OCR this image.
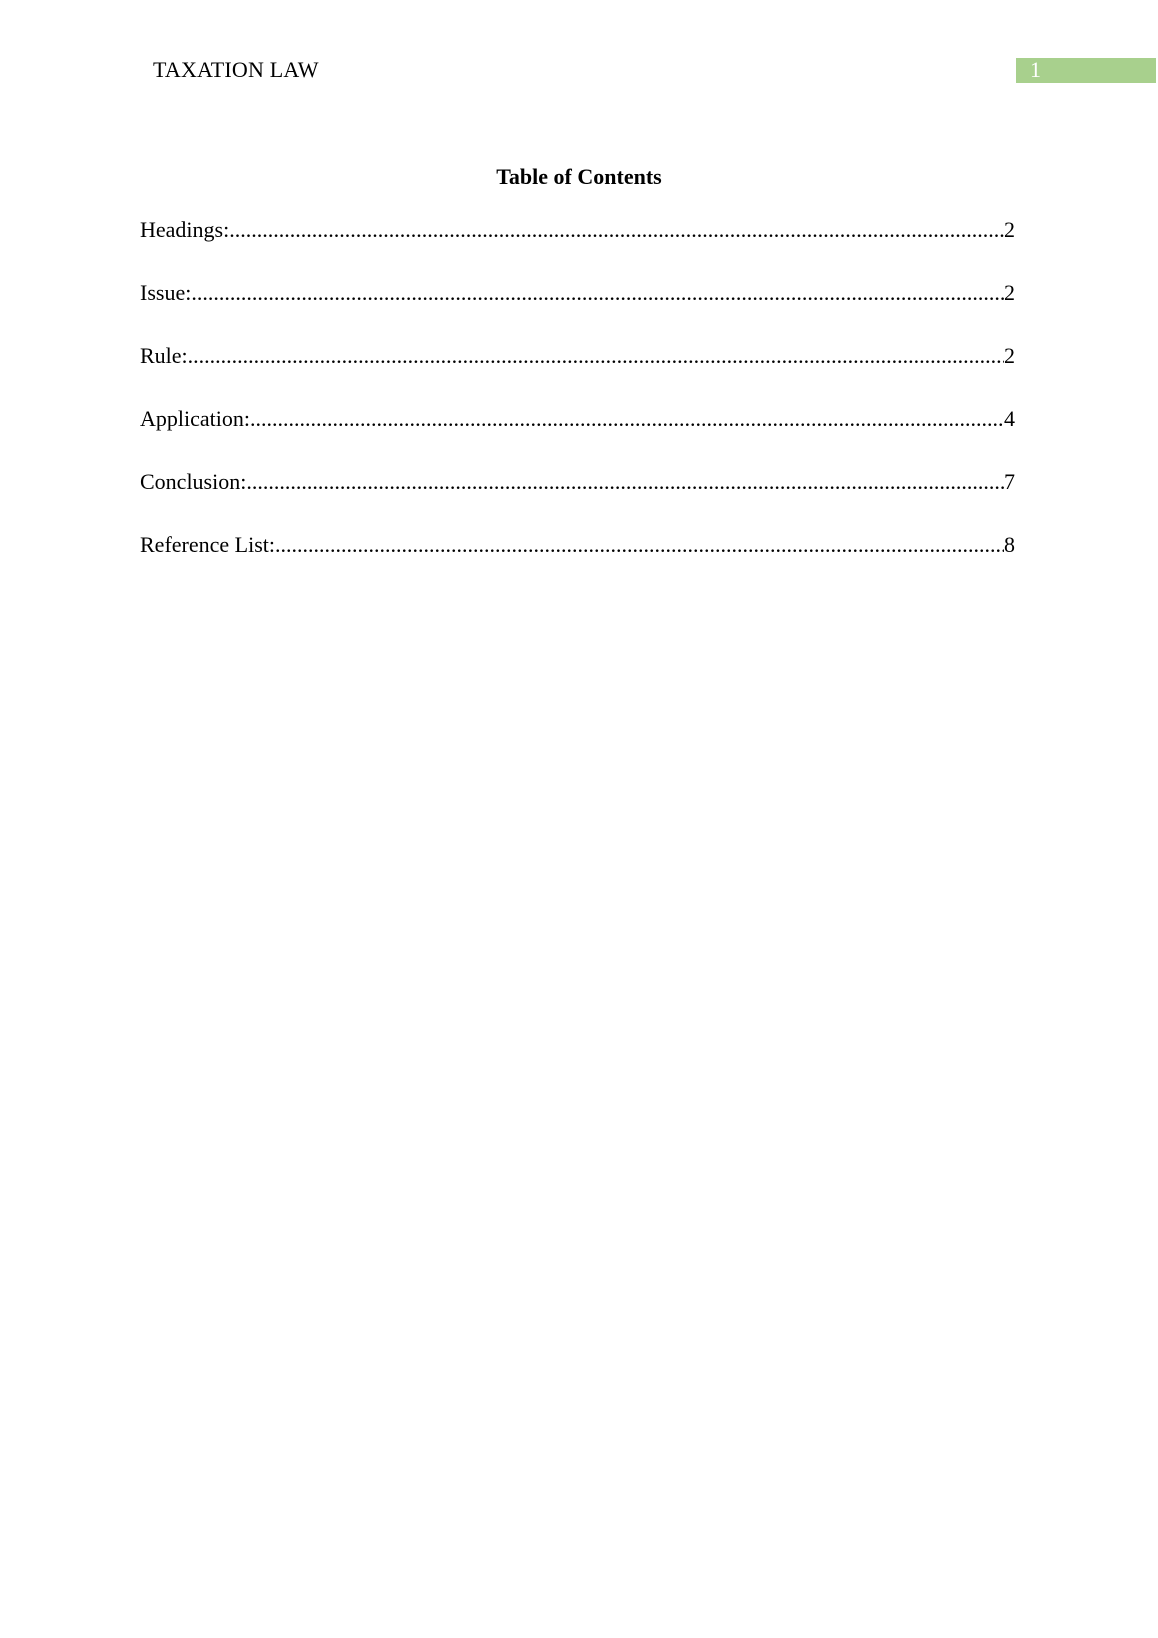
TAXATION LAW	1
Table of Contents
Headings: .....	2
Issue: .....	2
Rule: .....	2
Application: .....	4
Conclusion: .....	7
Reference List: .....	8
